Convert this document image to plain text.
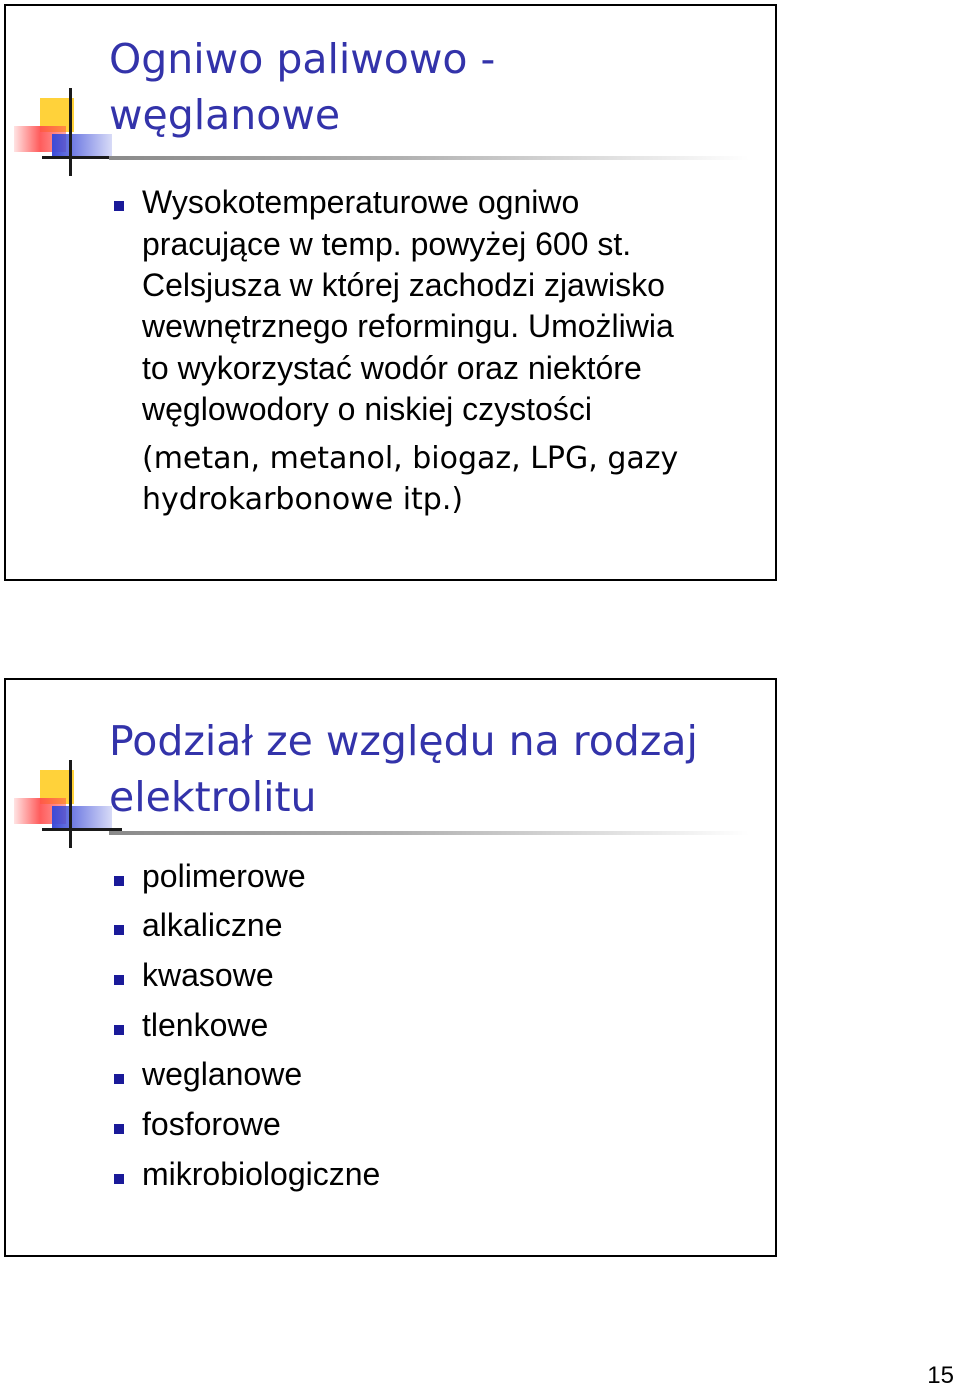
Ogniwo paliwowo -
węglanowe
Wysokotemperaturowe ogniwo
pracujące w temp. powyżej 600 st.
Celsjusza w której zachodzi zjawisko
wewnętrznego reformingu. Umożliwia
to wykorzystać wodór oraz niektóre
węglowodory o niskiej czystości
(metan, metanol, biogaz, LPG, gazy
hydrokarbonowe itp.)
Podział ze względu na rodzaj
elektrolitu
polimerowe
alkaliczne
kwasowe
tlenkowe
weglanowe
fosforowe
mikrobiologiczne
15
